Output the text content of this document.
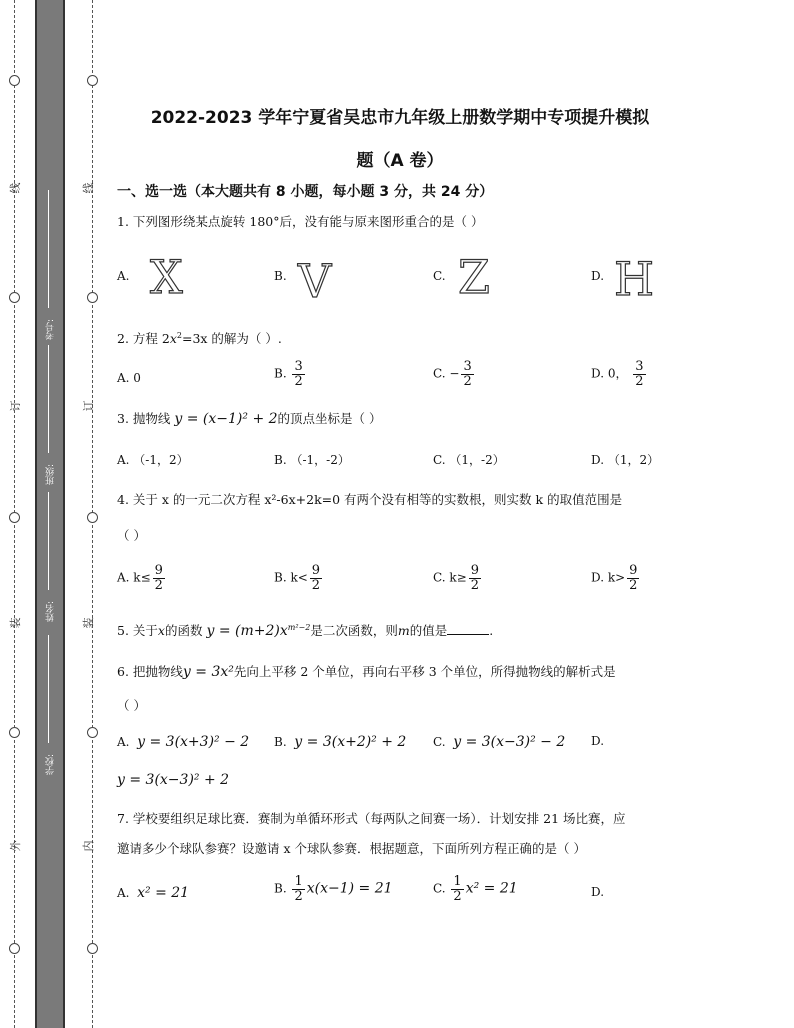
线
订
装
外
线
订
装
内
考号:
班级:
姓名:
学校:
2022-2023 学年宁夏省吴忠市九年级上册数学期中专项提升模拟
题（A 卷）
一、选一选（本大题共有 8 小题，每小题 3 分，共 24 分）
1. 下列图形绕某点旋转 180°后，没有能与原来图形重合的是（ ）
A. X	B. V	C. Z	D. H
2. 方程 $2x^2=3x$ 的解为（ ）.
A. 0	B. $\frac{3}{2}$	C. − $\frac{3}{2}$	D. 0， $\frac{3}{2}$
3. 抛物线 y = (x−1)² + 2的顶点坐标是（ ）
A. （-1，2）	B. （-1，-2）	C. （1，-2）	D. （1，2）
4. 关于 x 的一元二次方程 x²-6x+2k=0 有两个没有相等的实数根，则实数 k 的取值范围是
（ ）
A. $k\le \frac{9}{2}$	B. $k< \frac{9}{2}$	C. $k\ge \frac{9}{2}$	D. $k> \frac{9}{2}$
5. 关于x的函数 $y = (m+2)x^{m^2-2}$是二次函数，则m的值是	.
6. 把抛物线y = 3x²先向上平移 2 个单位，再向右平移 3 个单位，所得抛物线的解析式是
（ ）
A. y = 3(x+3)² − 2 B. y = 3(x+2)² + 2 C. y = 3(x−3)² − 2 D.
y = 3(x−3)² + 2
7. 学校要组织足球比赛．赛制为单循环形式（每两队之间赛一场）．计划安排 21 场比赛，应
邀请多少个球队参赛？设邀请 x 个球队参赛．根据题意，下面所列方程正确的是（ ）
A. x² = 21	B. $\frac{1}{2} x(x-1) = 21$	C. $\frac{1}{2} x^2 = 21$	D.
